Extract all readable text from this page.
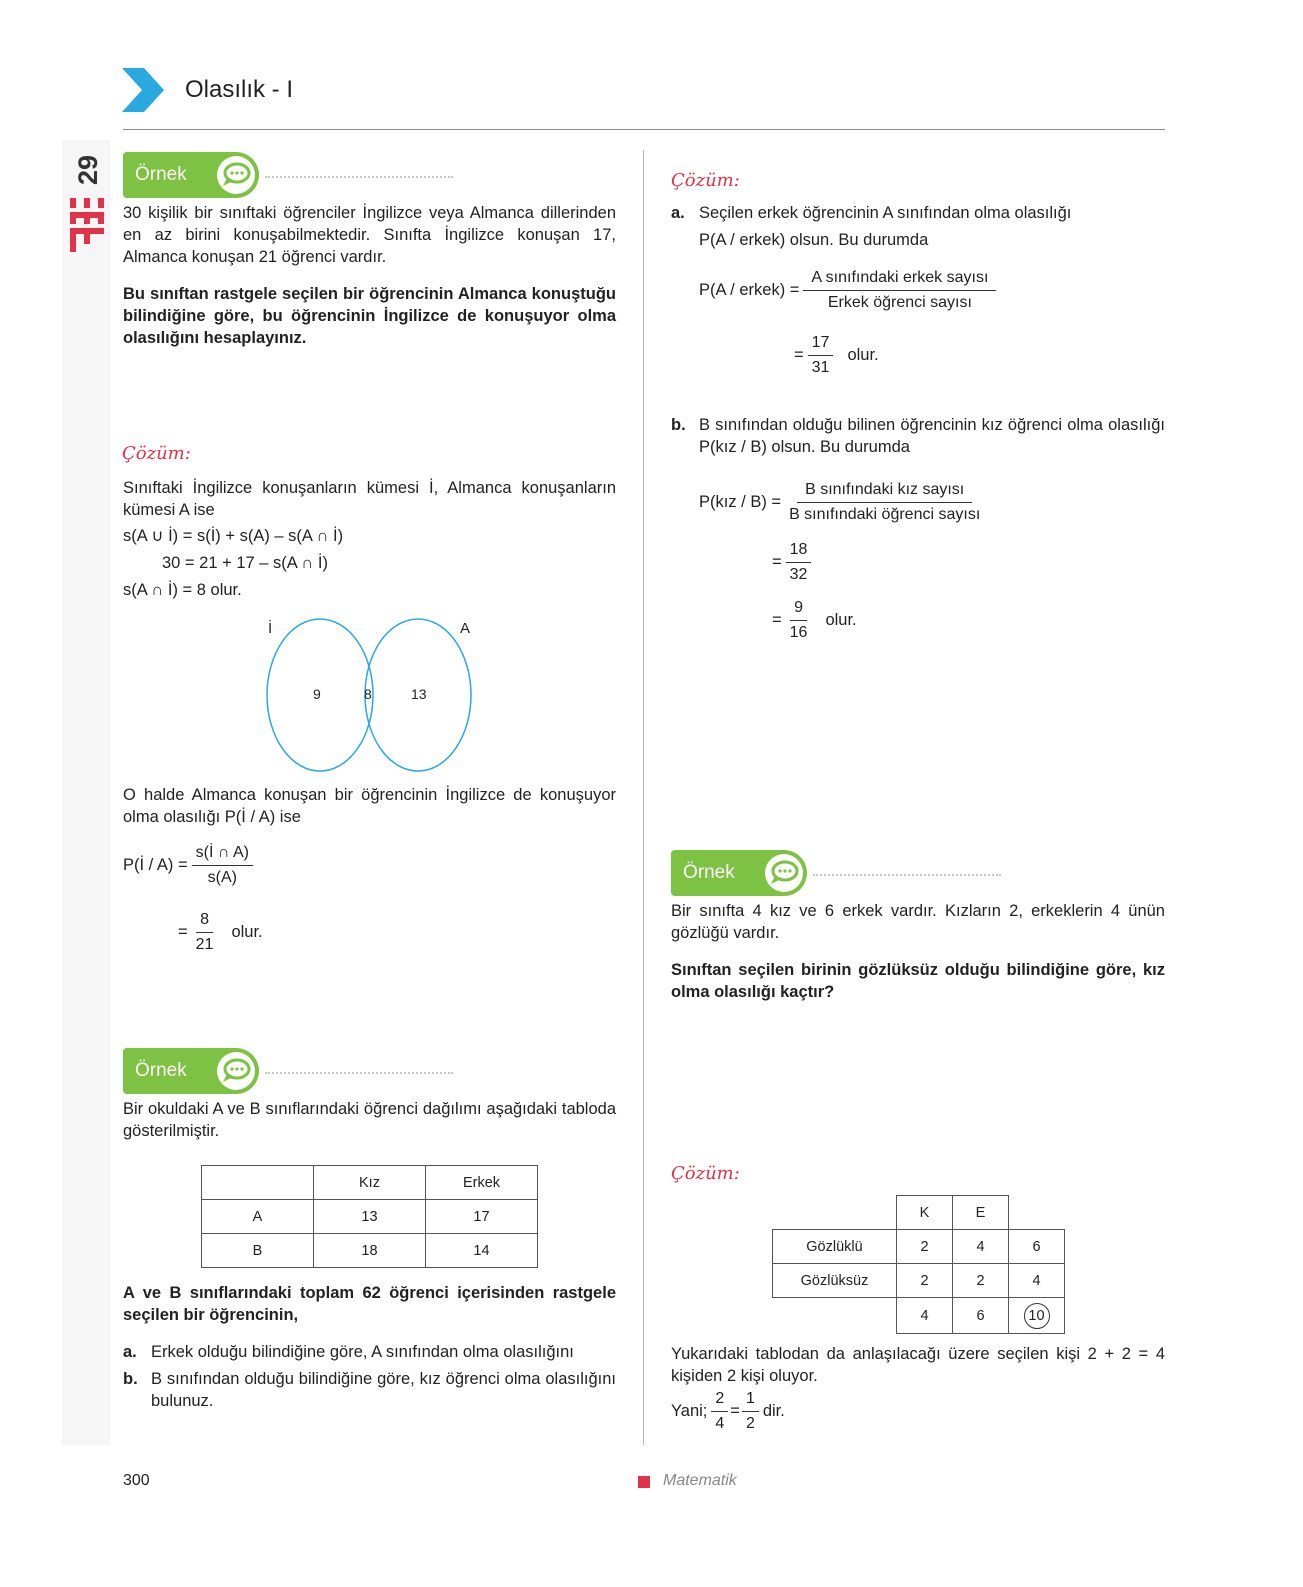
Olasılık - I
29	Örnek
30 kişilik bir sınıftaki öğrenciler İngilizce veya Almanca dillerinden en az birini konuşabilmektedir. Sınıfta İngilizce konuşan 17, Almanca konuşan 21 öğrenci vardır.
Bu sınıftan rastgele seçilen bir öğrencinin Almanca konuştuğu bilindiğine göre, bu öğrencinin İngilizce de konuşuyor olma olasılığını hesaplayınız.
Çözüm:
Sınıftaki İngilizce konuşanların kümesi İ, Almanca konuşanların kümesi A ise
s(A ∪ İ) = s(İ) + s(A) – s(A ∩ İ)
30 = 21 + 17 – s(A ∩ İ)
s(A ∩ İ) = 8 olur.
İ	A
9	8	13
O halde Almanca konuşan bir öğrencinin İngilizce de konuşuyor olma olasılığı P(İ / A) ise
P(İ / $A) = \frac{s(İ \cap A)}{s(A)}$
= $\frac{8}{21}$ olur.
Örnek
Bir okuldaki A ve B sınıflarındaki öğrenci dağılımı aşağıdaki tabloda gösterilmiştir.
	Kız	Erkek
A	13	17
B	18	14
A ve B sınıflarındaki toplam 62 öğrenci içerisinden rastgele seçilen bir öğrencinin,
a. Erkek olduğu bilindiğine göre, A sınıfından olma olasılığını
b. B sınıfından olduğu bilindiğine göre, kız öğrenci olma olasılığını bulunuz.
Çözüm:
a. Seçilen erkek öğrencinin A sınıfından olma olasılığı
P(A / erkek) olsun. Bu durumda
P(A / erkek) = $\frac{\text{A sınıfındaki erkek sayısı}}{\text{Erkek öğrenci sayısı}}$
= $\frac{17}{31}$ olur.
b. B sınıfından olduğu bilinen öğrencinin kız öğrenci olma olasılığı P(kız / B) olsun. Bu durumda
P(kız / $B) = \frac{\text{B sınıfındaki kız sayısı}}{\text{B sınıfındaki öğrenci sayısı}}$
= $\frac{18}{32}$
= $\frac{9}{16}$ olur.
Örnek
Bir sınıfta 4 kız ve 6 erkek vardır. Kızların 2, erkeklerin 4 ünün gözlüğü vardır.
Sınıftan seçilen birinin gözlüksüz olduğu bilindiğine göre, kız olma olasılığı kaçtır?
Çözüm:
	K	E	
Gözlüklü	2	4	6
Gözlüksüz	2	2	4
	4	6	10
Yukarıdaki tablodan da anlaşılacağı üzere seçilen kişi 2 + 2 = 4 kişiden 2 kişi oluyor.
Yani; $\frac{2}{4} = \frac{1}{2}$ dir.
300	Matematik
